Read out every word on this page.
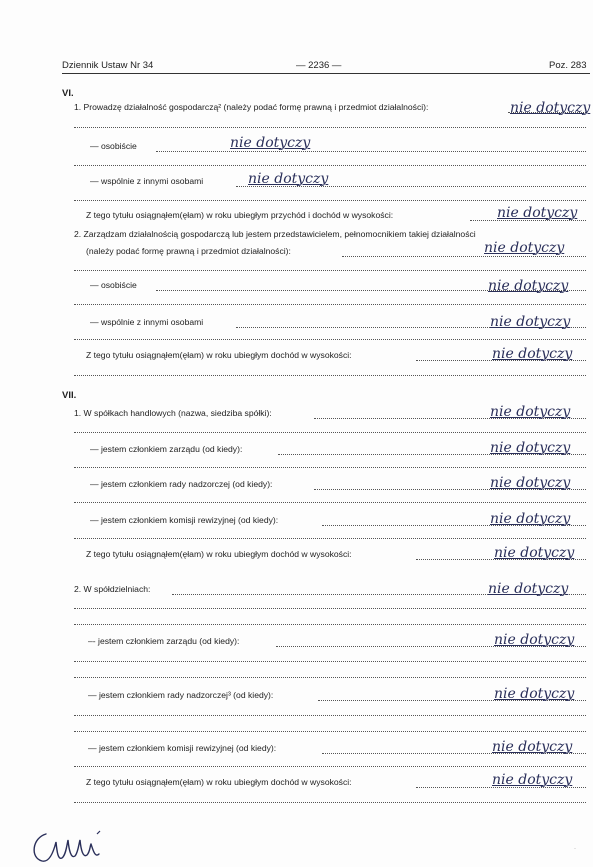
Dziennik Ustaw Nr 34	— 2236 —	Poz. 283
VI.
1. Prowadzę działalność gospodarczą² (należy podać formę prawną i przedmiot działalności):	nie dotyczy
— osobiście	nie dotyczy
— wspólnie z innymi osobami	nie dotyczy
Z tego tytułu osiągnąłem(ęłam) w roku ubiegłym przychód i dochód w wysokości:	nie dotyczy
2. Zarządzam działalnością gospodarczą lub jestem przedstawicielem, pełnomocnikiem takiej działalności
(należy podać formę prawną i przedmiot działalności):	nie dotyczy
— osobiście	nie dotyczy
— wspólnie z innymi osobami	nie dotyczy
Z tego tytułu osiągnąłem(ęłam) w roku ubiegłym dochód w wysokości:	nie dotyczy
VII.
1. W spółkach handlowych (nazwa, siedziba spółki):	nie dotyczy
— jestem członkiem zarządu (od kiedy):	nie dotyczy
— jestem członkiem rady nadzorczej (od kiedy):	nie dotyczy
— jestem członkiem komisji rewizyjnej (od kiedy):	nie dotyczy
Z tego tytułu osiągnąłem(ęłam) w roku ubiegłym dochód w wysokości:	nie dotyczy
2. W spółdzielniach:	nie dotyczy
–- jestem członkiem zarządu (od kiedy):	nie dotyczy
— jestem członkiem rady nadzorczej³ (od kiedy):	nie dotyczy
— jestem członkiem komisji rewizyjnej (od kiedy):	nie dotyczy
Z tego tytułu osiągnąłem(ęłam) w roku ubiegłym dochód w wysokości:	nie dotyczy
·
